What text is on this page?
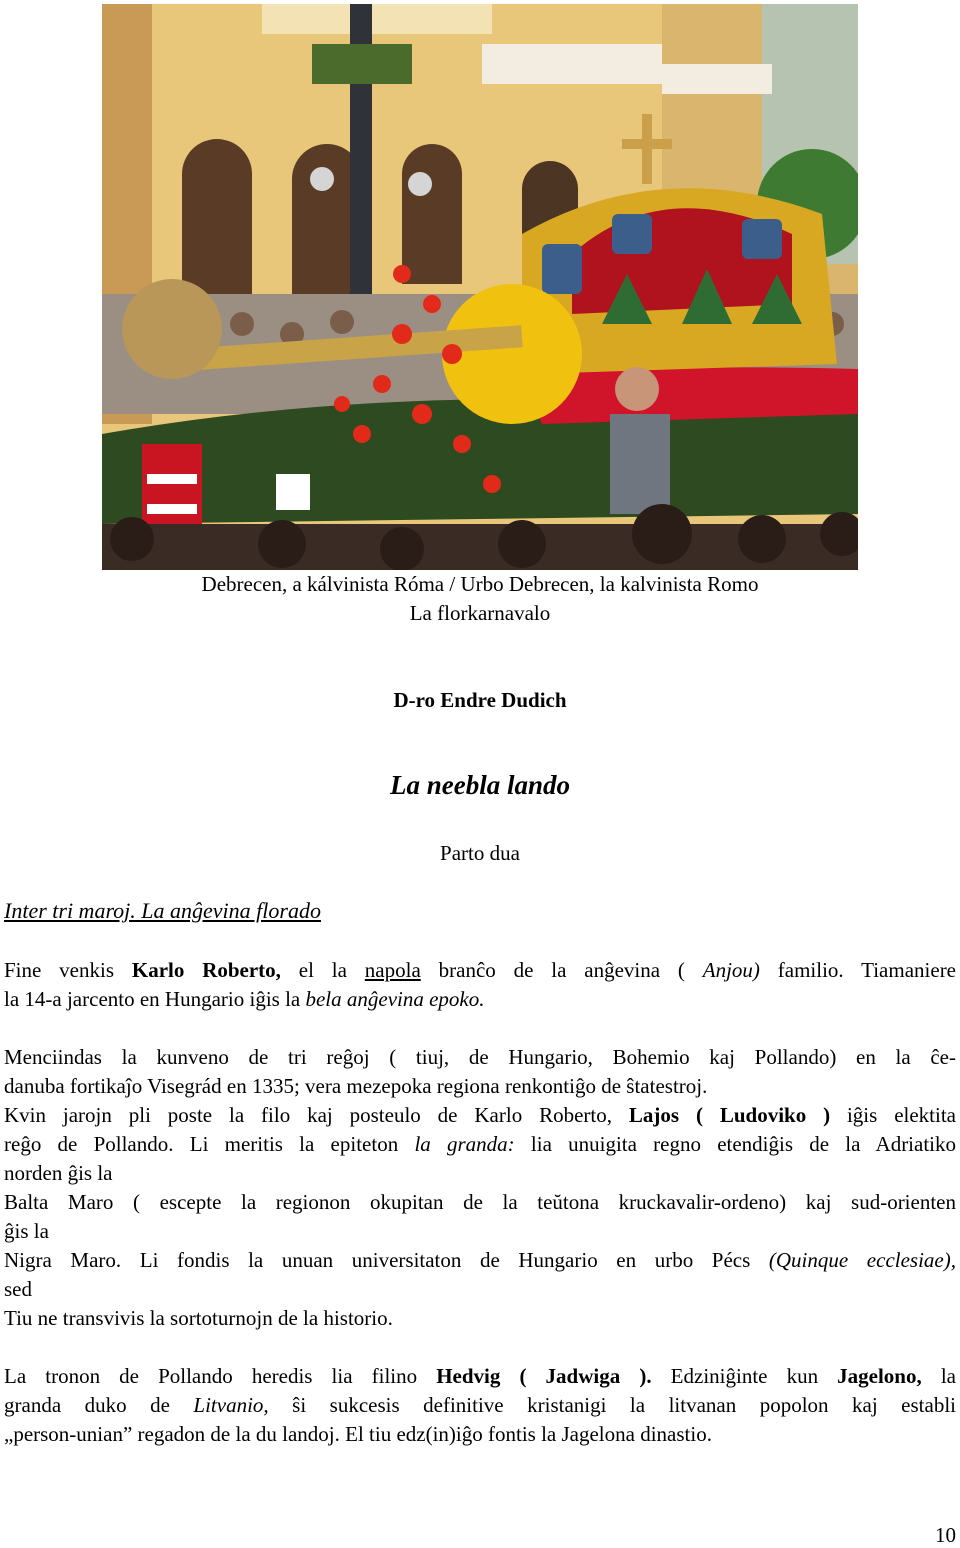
Debrecen, a kálvinista Róma / Urbo Debrecen, la kalvinista Romo
La florkarnavalo
D-ro Endre Dudich
La neebla lando
Parto dua
Inter tri maroj. La anĝevina florado
Fine venkis Karlo Roberto, el la napola branĉo de la anĝevina ( Anjou) familio. Tiamaniere
la 14-a jarcento en Hungario iĝis la bela anĝevina epoko.
Menciindas la kunveno de tri reĝoj ( tiuj, de Hungario, Bohemio kaj Pollando) en la ĉe-
danuba fortikaĵo Visegrád en 1335; vera mezepoka regiona renkontiĝo de ŝtatestroj.
Kvin jarojn pli poste la filo kaj posteulo de Karlo Roberto, Lajos ( Ludoviko ) iĝis elektita
reĝo de Pollando. Li meritis la epiteton la granda: lia unuigita regno etendiĝis de la Adriatiko
norden ĝis la
Balta Maro ( escepte la regionon okupitan de la teŭtona kruckavalir-ordeno) kaj sud-orienten
ĝis la
Nigra Maro. Li fondis la unuan universitaton de Hungario en urbo Pécs (Quinque ecclesiae),
sed
Tiu ne transvivis la sortoturnojn de la historio.
La tronon de Pollando heredis lia filino Hedvig ( Jadwiga ). Edziniĝinte kun Jagelono, la
granda duko de Litvanio, ŝi sukcesis definitive kristanigi la litvanan popolon kaj establi
„person-unian” regadon de la du landoj. El tiu edz(in)iĝo fontis la Jagelona dinastio.
10
